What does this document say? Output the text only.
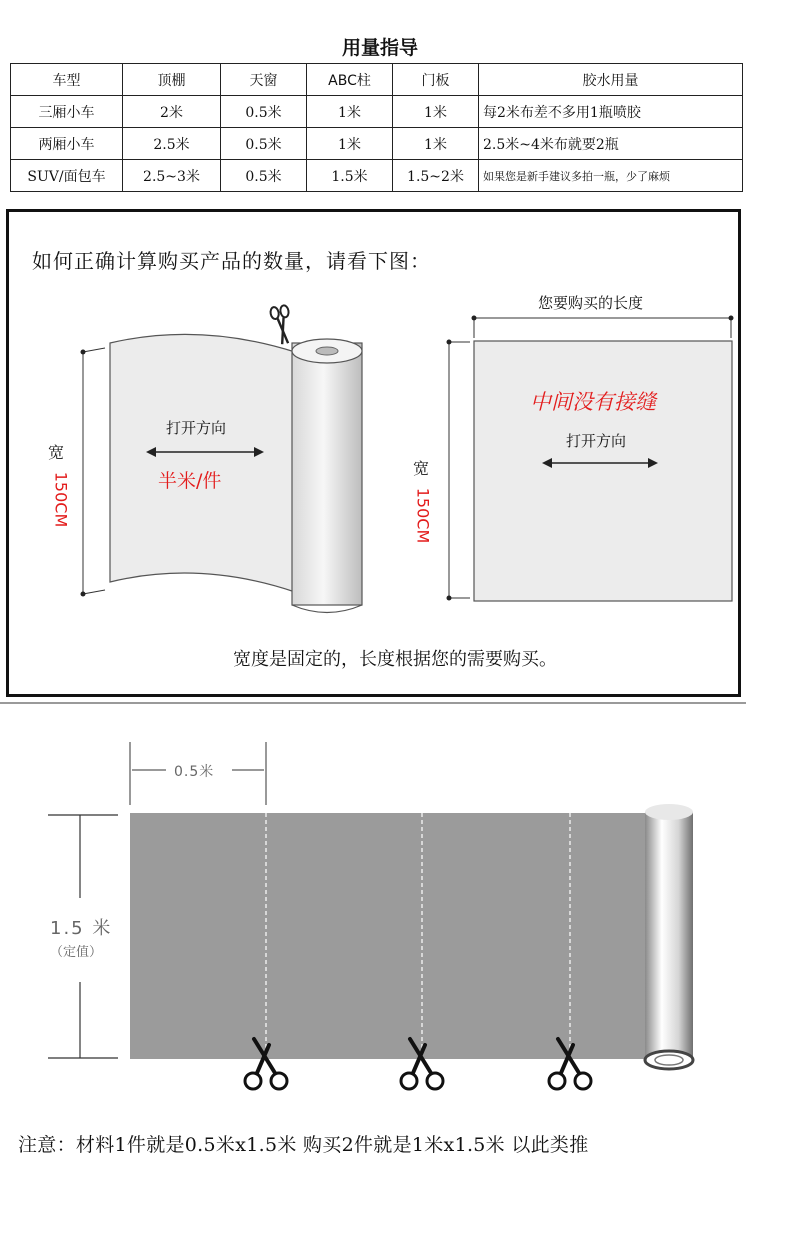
用量指导
车型	顶棚	天窗	ABC柱	门板	胶水用量
三厢小车	2米	0.5米	1米	1米	每2米布差不多用1瓶喷胶
两厢小车	2.5米	0.5米	1米	1米	2.5米~4米布就要2瓶
SUV/面包车	2.5~3米	0.5米	1.5米	1.5~2米	如果您是新手建议多拍一瓶，少了麻烦
如何正确计算购买产品的数量，请看下图：
打开方向
半米/件
宽
150CM
您要购买的长度
中间没有接缝
打开方向
宽
150CM
宽度是固定的，长度根据您的需要购买。
0.5米
1.5 米
（定值）
注意：材料1件就是0.5米x1.5米 购买2件就是1米x1.5米 以此类推
